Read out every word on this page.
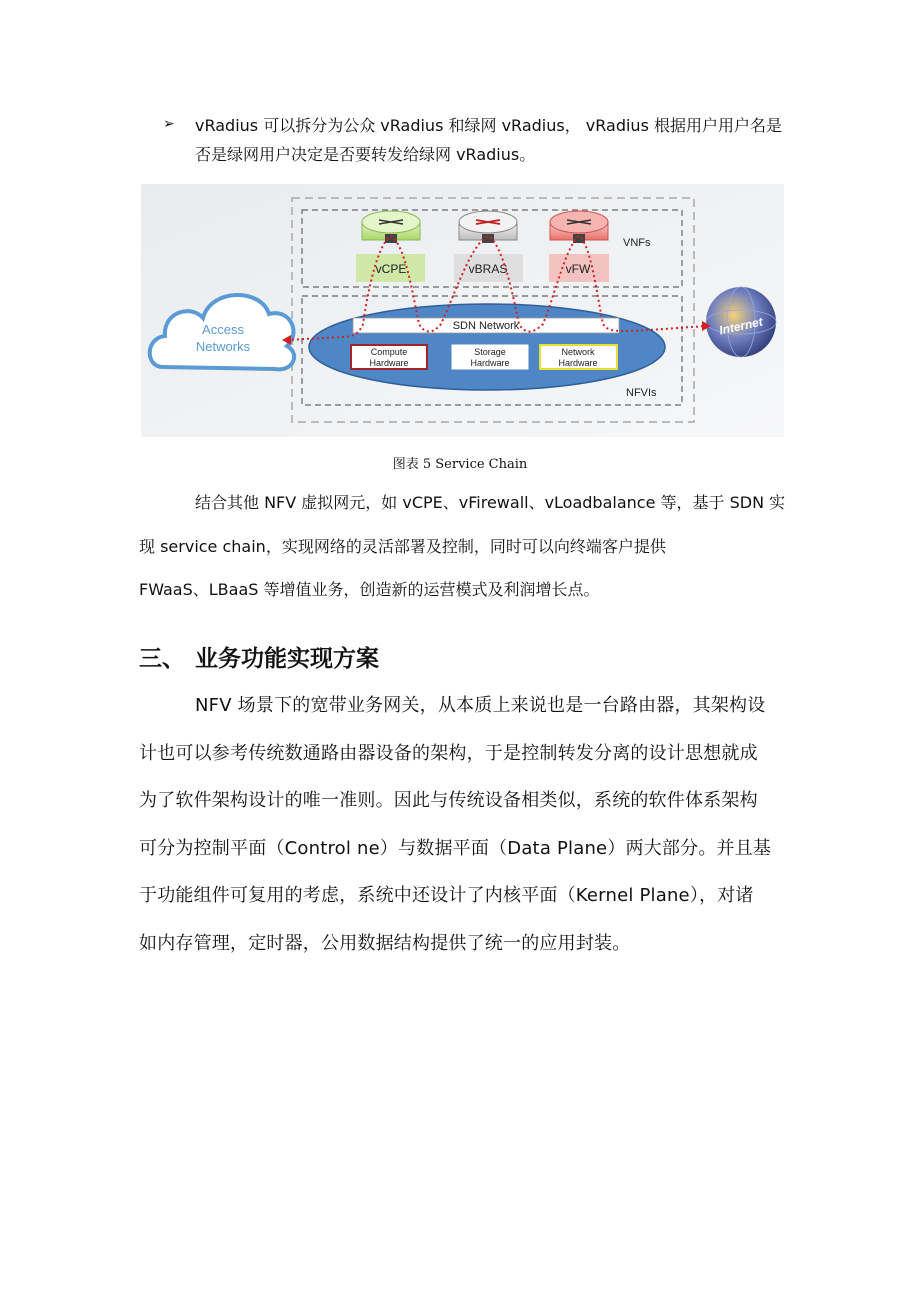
➢ vRadius 可以拆分为公众 vRadius 和绿网 vRadius， vRadius 根据用户用户名是
否是绿网用户决定是否要转发给绿网 vRadius。
VNFs
NFVIs
SDN Network
Compute
Hardware
Storage
Hardware
Network
Hardware
vCPE	vBRAS	vFW
Access
Networks
Internet
图表 5 Service Chain
结合其他 NFV 虚拟网元，如 vCPE、vFirewall、vLoadbalance 等，基于 SDN 实
现 service chain，实现网络的灵活部署及控制，同时可以向终端客户提供
FWaaS、LBaaS 等增值业务，创造新的运营模式及利润增长点。
三、 业务功能实现方案
NFV 场景下的宽带业务网关，从本质上来说也是一台路由器，其架构设
计也可以参考传统数通路由器设备的架构，于是控制转发分离的设计思想就成
为了软件架构设计的唯一准则。因此与传统设备相类似，系统的软件体系架构
可分为控制平面（Control ne）与数据平面（Data Plane）两大部分。并且基
于功能组件可复用的考虑，系统中还设计了内核平面（Kernel Plane），对诸
如内存管理，定时器，公用数据结构提供了统一的应用封装。
